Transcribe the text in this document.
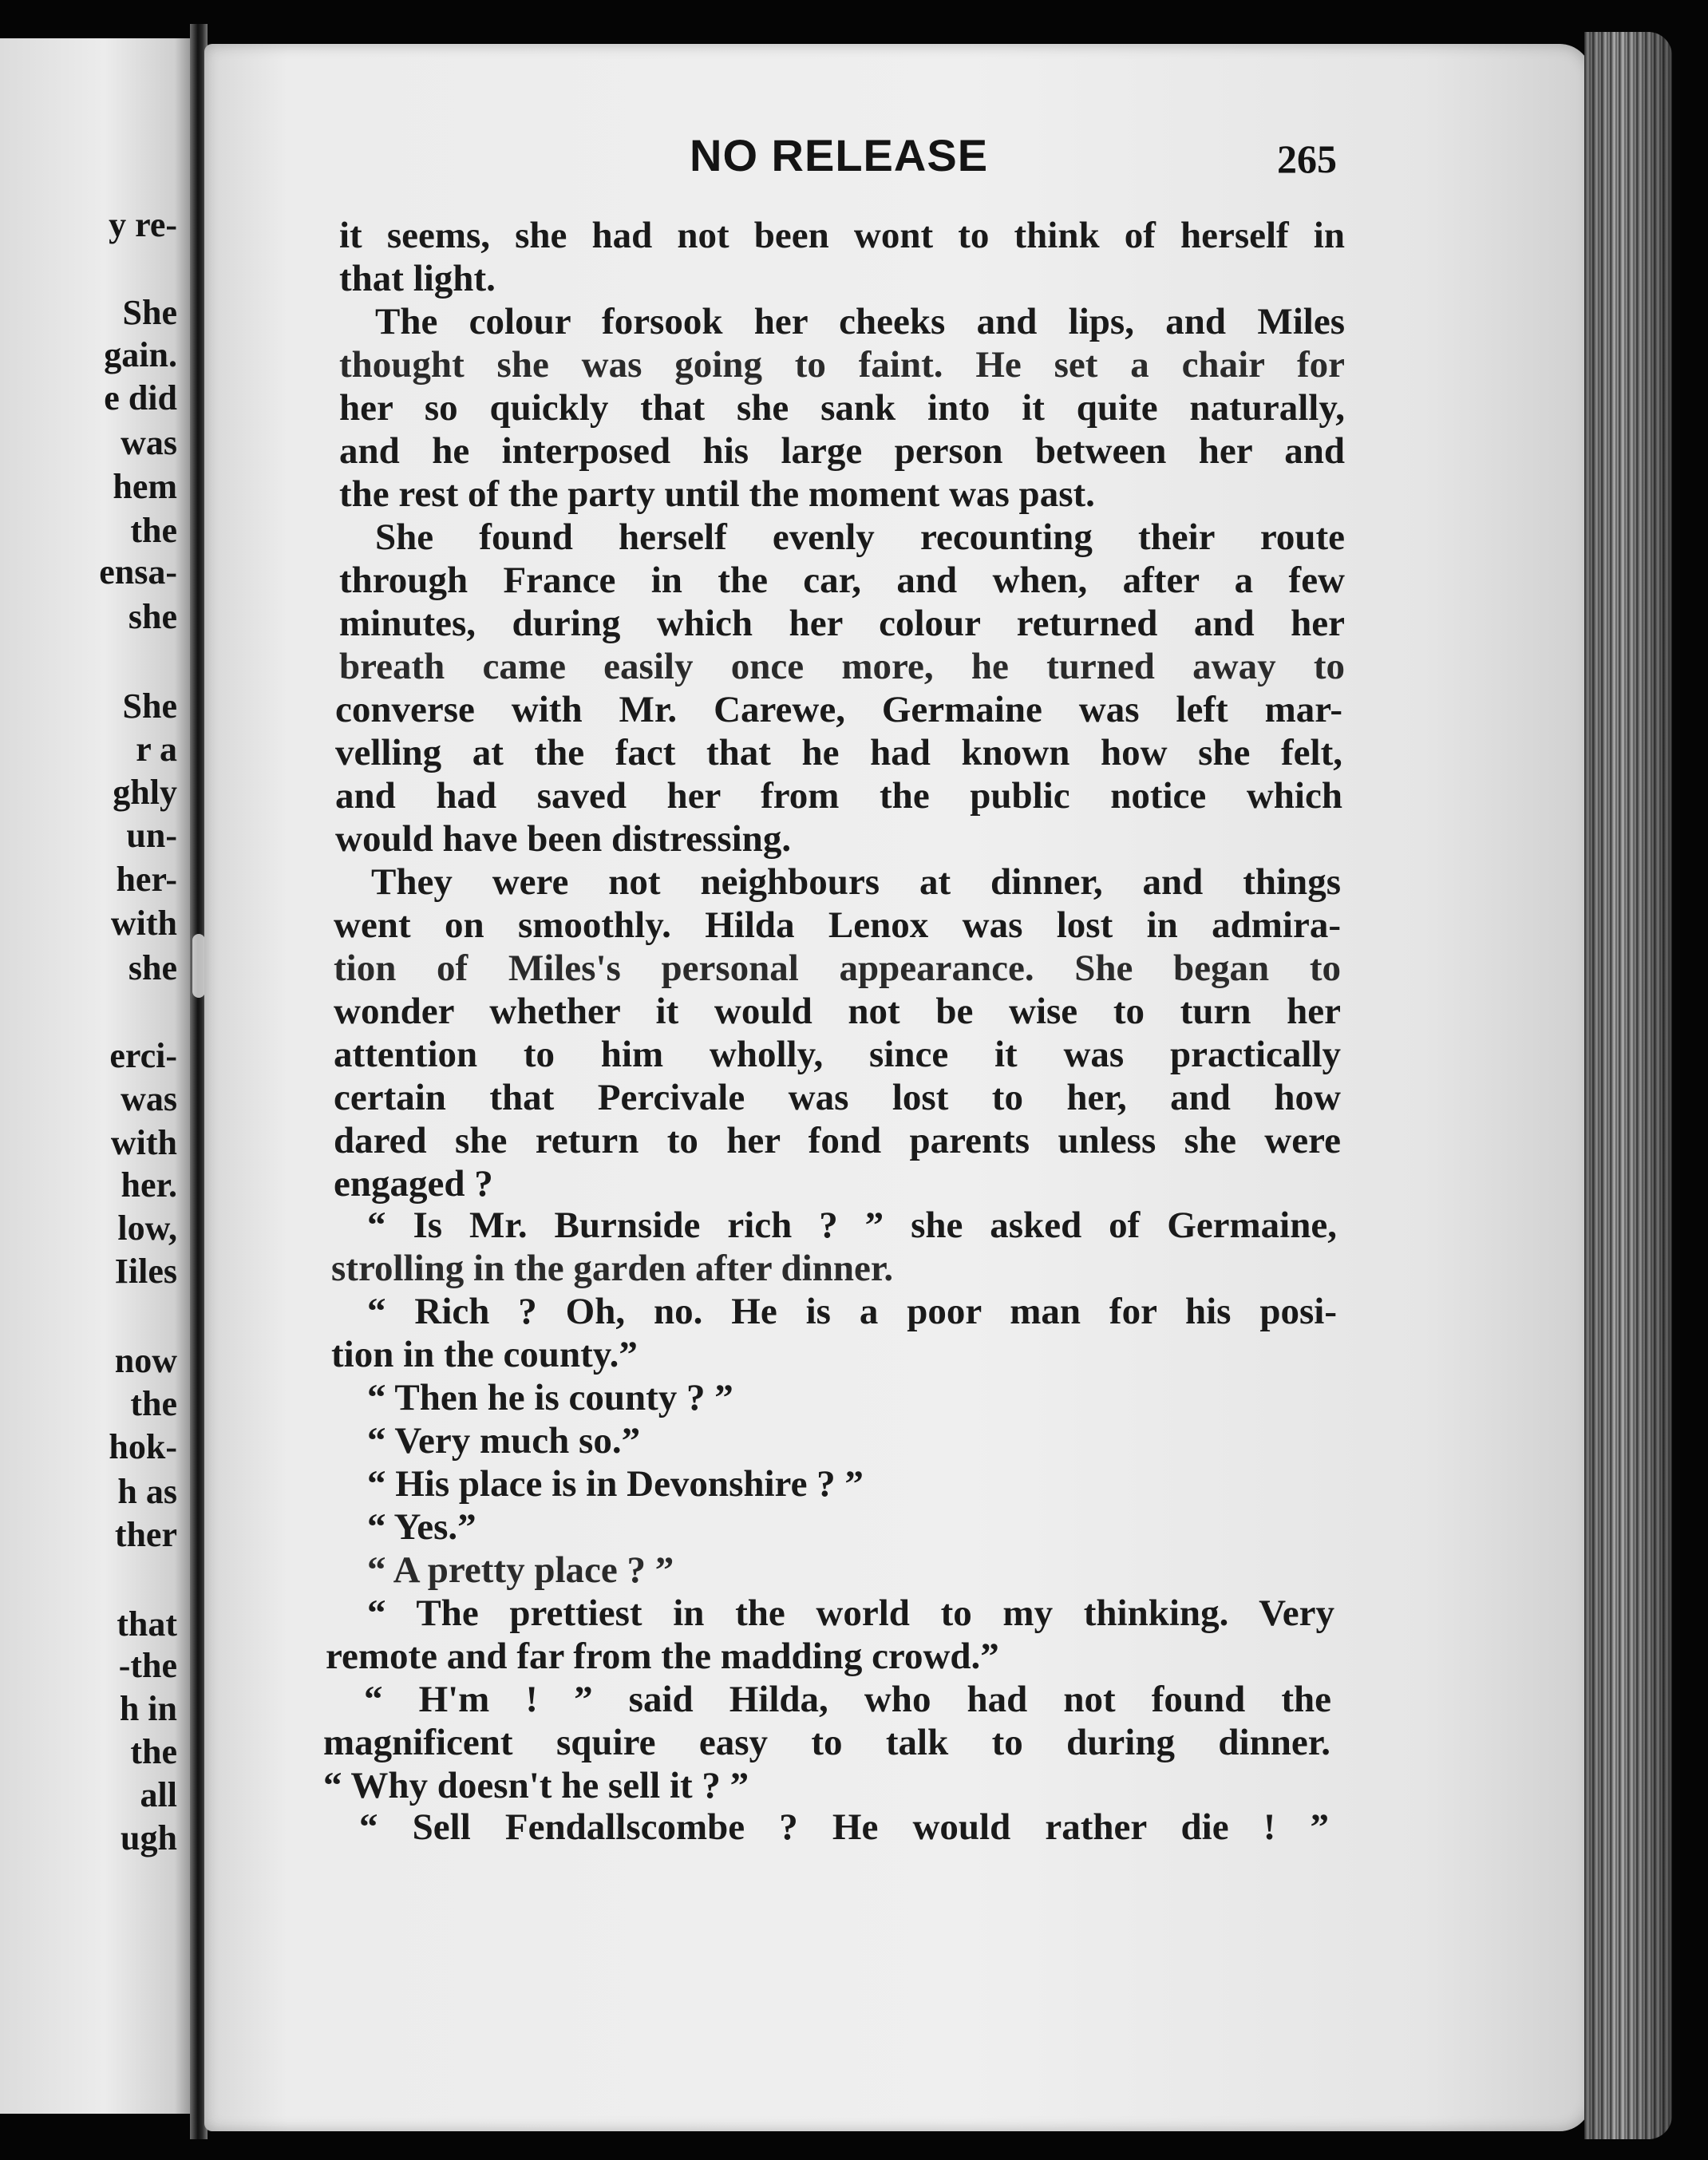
y re-

She

gain.

e did

was

hem

the

ensa-

she

She

r a

ghly

un-

her-

with

she

erci-

was

with

her.

low,

Iiles

now

the

hok-

h as

ther

that

-the

h in

the

all

ugh

NO RELEASE	265

it seems, she had not been wont to think of herself in

that light.

The colour forsook her cheeks and lips, and Miles

thought she was going to faint. He set a chair for

her so quickly that she sank into it quite naturally,

and he interposed his large person between her and

the rest of the party until the moment was past.

She found herself evenly recounting their route

through France in the car, and when, after a few

minutes, during which her colour returned and her

breath came easily once more, he turned away to

converse with Mr. Carewe, Germaine was left mar-

velling at the fact that he had known how she felt,

and had saved her from the public notice which

would have been distressing.

They were not neighbours at dinner, and things

went on smoothly. Hilda Lenox was lost in admira-

tion of Miles's personal appearance. She began to

wonder whether it would not be wise to turn her

attention to him wholly, since it was practically

certain that Percivale was lost to her, and how

dared she return to her fond parents unless she were

engaged ?

“ Is Mr. Burnside rich ? ” she asked of Germaine,

strolling in the garden after dinner.

“ Rich ? Oh, no. He is a poor man for his posi-

tion in the county.”

“ Then he is county ? ”

“ Very much so.”

“ His place is in Devonshire ? ”

“ Yes.”

“ A pretty place ? ”

“ The prettiest in the world to my thinking. Very

remote and far from the madding crowd.”

“ H'm ! ” said Hilda, who had not found the

magnificent squire easy to talk to during dinner.

“ Why doesn't he sell it ? ”

“ Sell Fendallscombe ? He would rather die ! ”
